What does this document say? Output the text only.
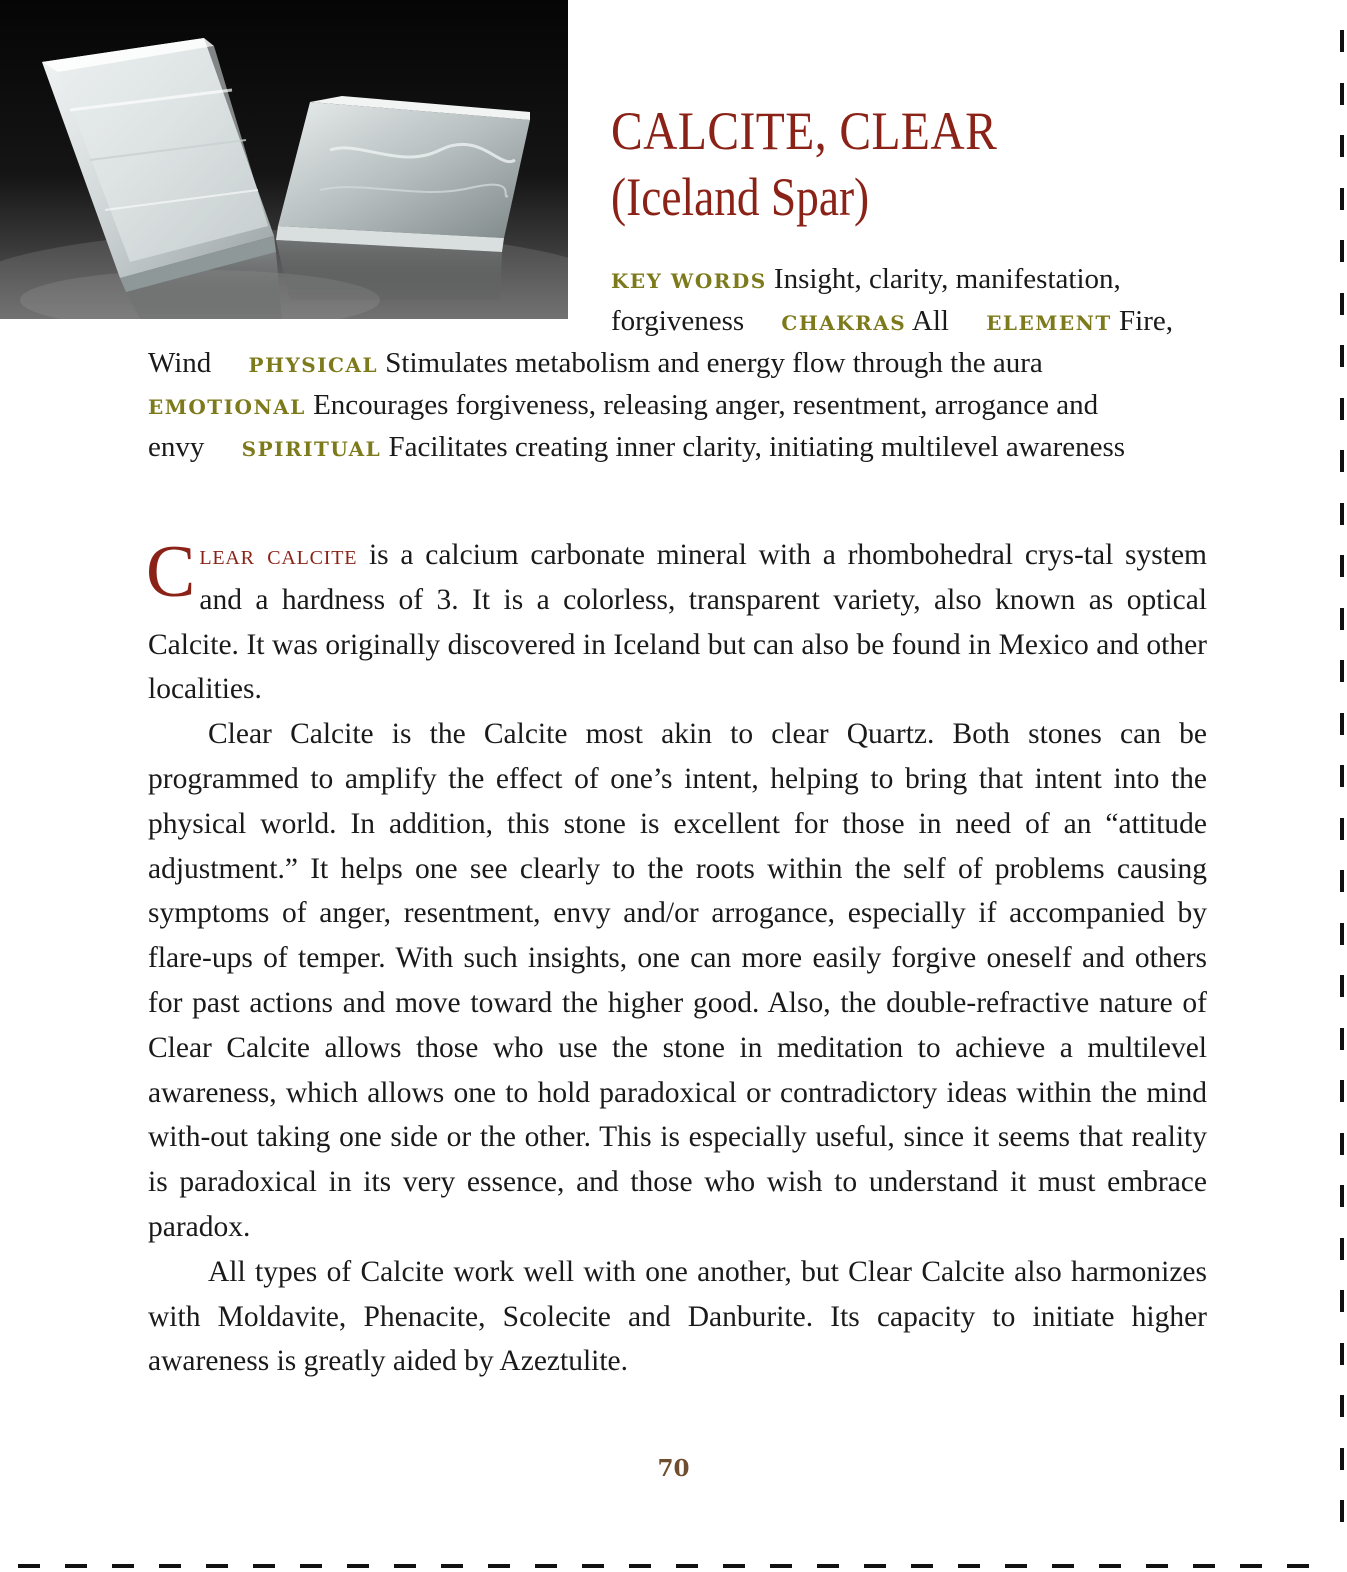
CALCITE, CLEAR
(Iceland Spar)
KEY WORDS Insight, clarity, manifestation,
forgiveness CHAKRAS All ELEMENT Fire,
Wind PHYSICAL Stimulates metabolism and energy flow through the aura
EMOTIONAL Encourages forgiveness, releasing anger, resentment, arrogance and
envy SPIRITUAL Facilitates creating inner clarity, initiating multilevel awareness

Clear calcite is a calcium carbonate mineral with a rhombohedral crys-tal system and a hardness of 3. It is a colorless, transparent variety, also known as optical Calcite. It was originally discovered in Iceland but can also be found in Mexico and other localities.

Clear Calcite is the Calcite most akin to clear Quartz. Both stones can be programmed to amplify the effect of one’s intent, helping to bring that intent into the physical world. In addition, this stone is excellent for those in need of an “attitude adjustment.” It helps one see clearly to the roots within the self of problems causing symptoms of anger, resentment, envy and/or arrogance, especially if accompanied by flare-ups of temper. With such insights, one can more easily forgive oneself and others for past actions and move toward the higher good. Also, the double-refractive nature of Clear Calcite allows those who use the stone in meditation to achieve a multilevel awareness, which allows one to hold paradoxical or contradictory ideas within the mind with-out taking one side or the other. This is especially useful, since it seems that reality is paradoxical in its very essence, and those who wish to understand it must embrace paradox.

All types of Calcite work well with one another, but Clear Calcite also harmonizes with Moldavite, Phenacite, Scolecite and Danburite. Its capacity to initiate higher awareness is greatly aided by Azeztulite.

70
